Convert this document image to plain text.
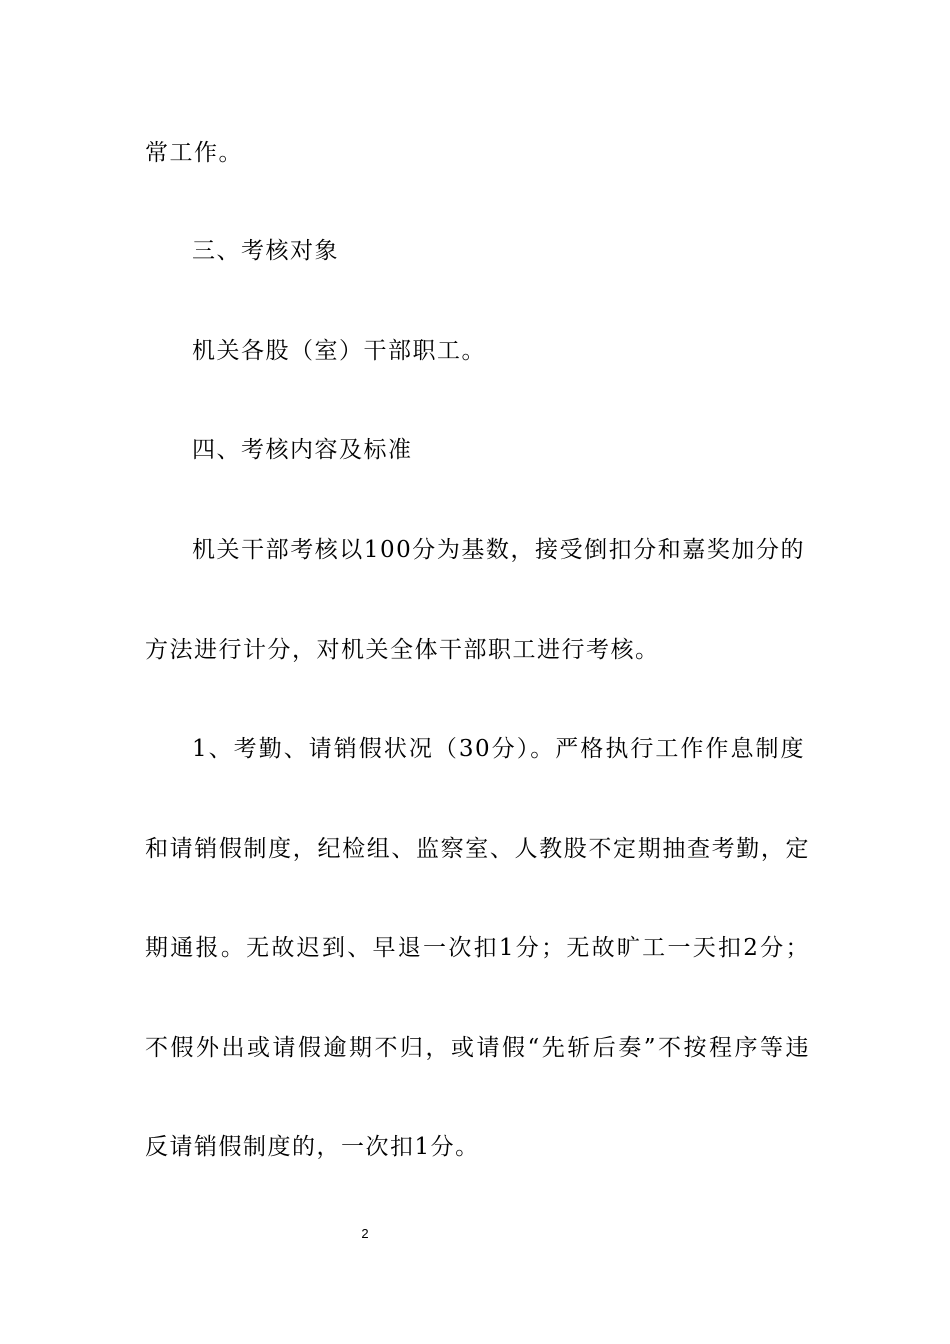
常工作。
三、考核对象
机关各股（室）干部职工。
四、考核内容及标准
机关干部考核以100分为基数，接受倒扣分和嘉奖加分的
方法进行计分，对机关全体干部职工进行考核。
1、考勤、请销假状况（30分）。严格执行工作作息制度
和请销假制度，纪检组、监察室、人教股不定期抽查考勤，定
期通报。无故迟到、早退一次扣1分；无故旷工一天扣2分；
不假外出或请假逾期不归，或请假“先斩后奏”不按程序等违
反请销假制度的，一次扣1分。
2
